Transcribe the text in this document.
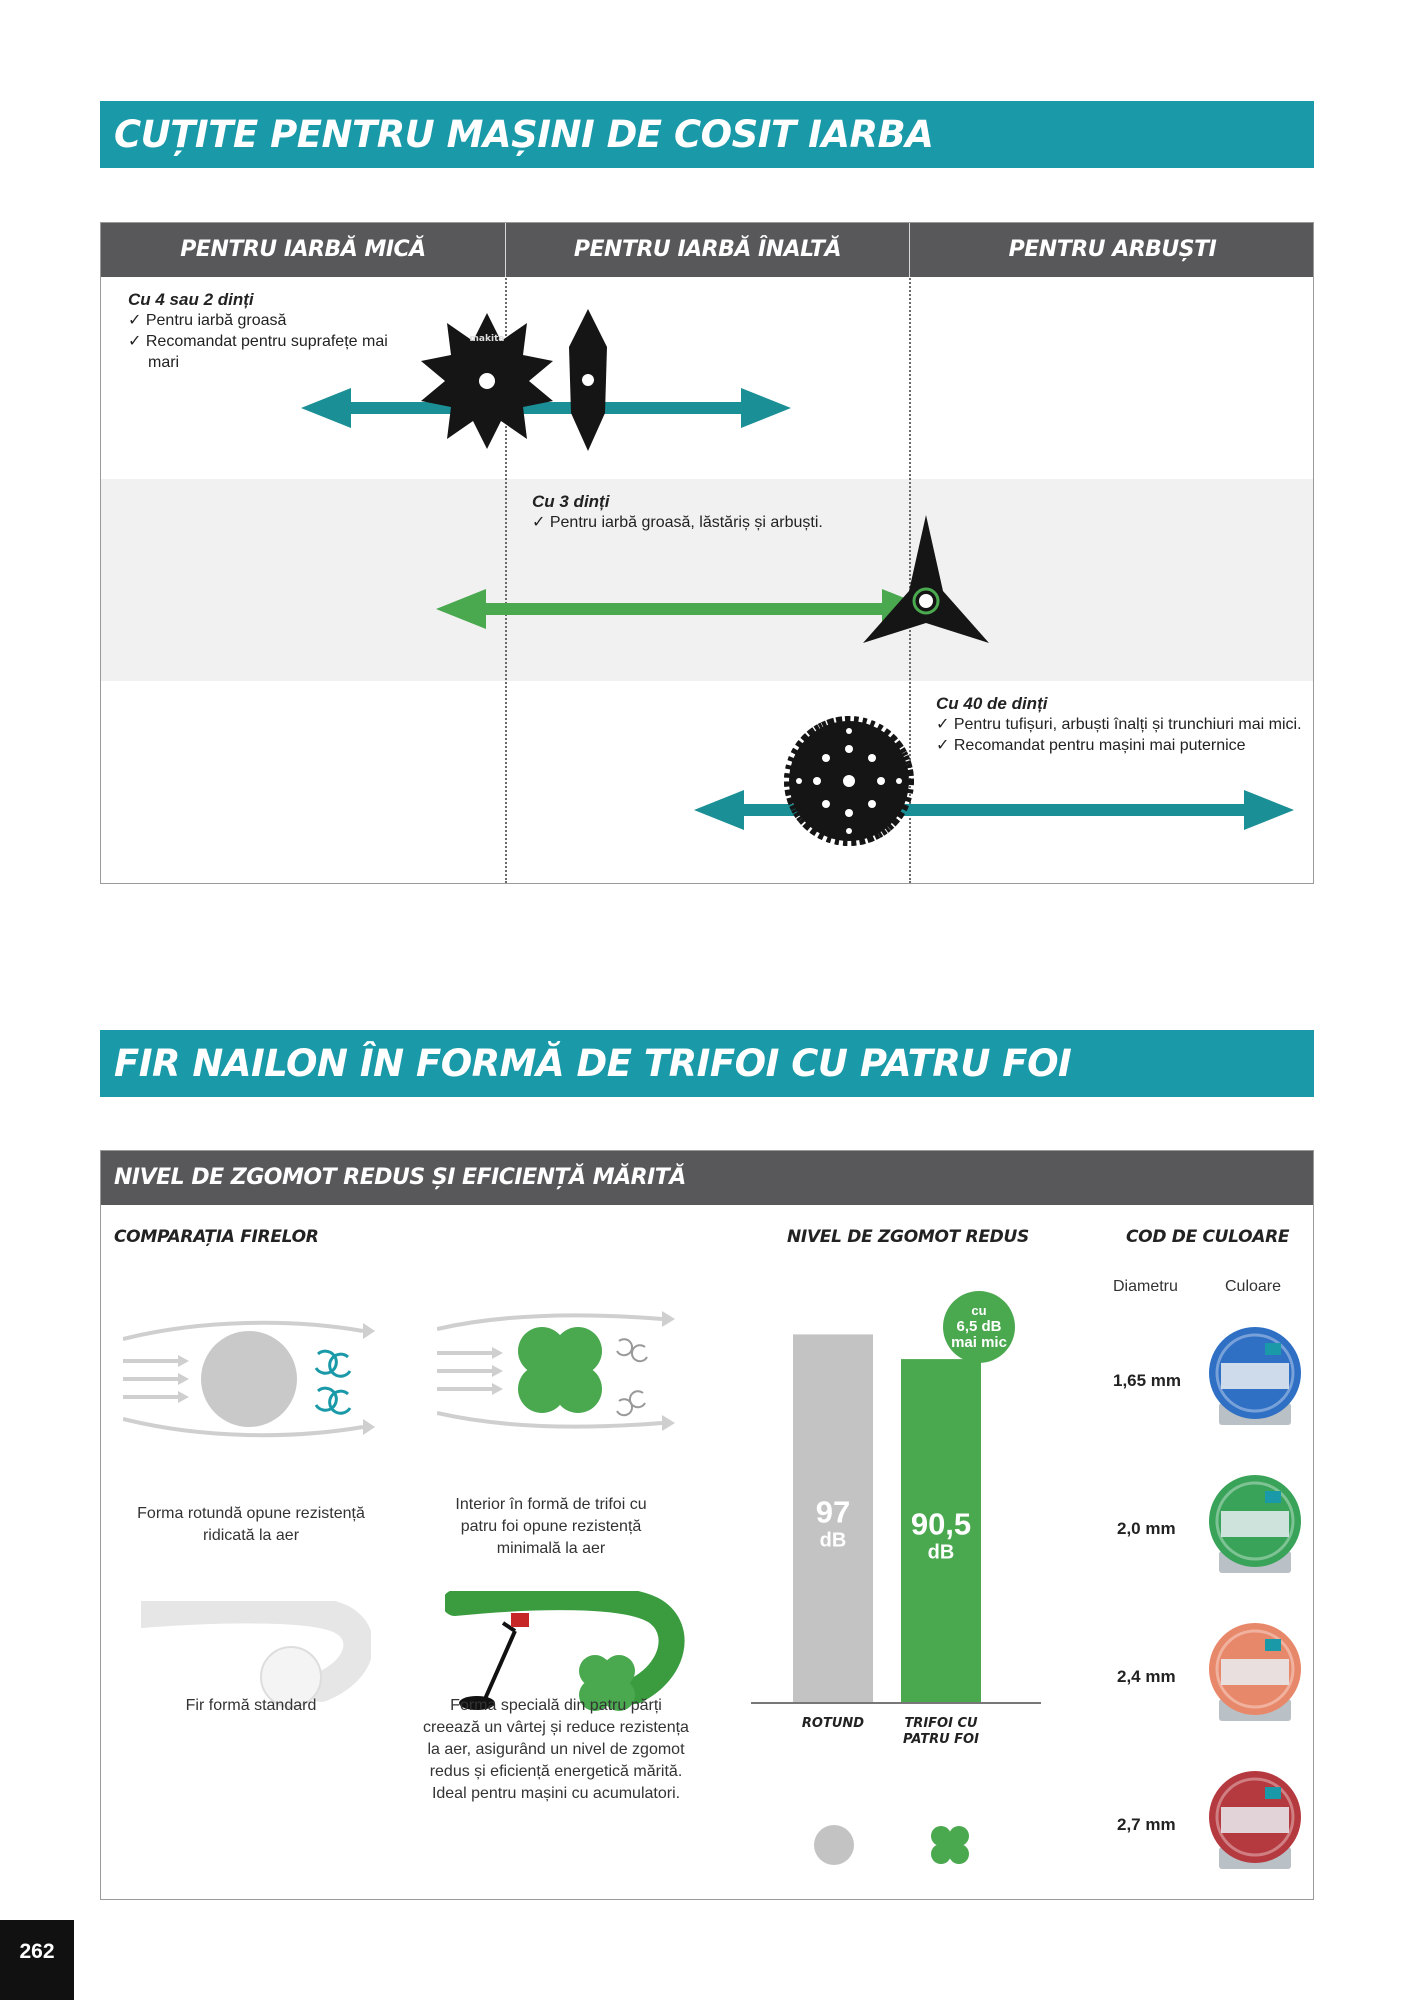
CUȚITE PENTRU MAȘINI DE COSIT IARBA
PENTRU IARBĂ MICĂ	PENTRU IARBĂ ÎNALTĂ	PENTRU ARBUȘTI
Cu 4 sau 2 dinți
✓ Pentru iarbă groasă
✓ Recomandat pentru suprafețe mai mari
makita
Cu 3 dinți
✓ Pentru iarbă groasă, lăstăriș și arbuști.
Cu 40 de dinți
✓ Pentru tufișuri, arbuști înalți și trunchiuri mai mici.
✓ Recomandat pentru mașini mai puternice
FIR NAILON ÎN FORMĂ DE TRIFOI CU PATRU FOI
NIVEL DE ZGOMOT REDUS ȘI EFICIENȚĂ MĂRITĂ
COMPARAȚIA FIRELOR	NIVEL DE ZGOMOT REDUS	COD DE CULOARE
Forma rotundă opune rezistență ridicată la aer
Interior în formă de trifoi cu patru foi opune rezistență minimală la aer
Fir formă standard	Forma specială din patru părți creează un vârtej și reduce rezistența la aer, asigurând un nivel de zgomot redus și eficiență energetică mărită.
Ideal pentru mașini cu acumulatori.
97
dB 90,5
dB
cu
6,5 dB
mai mic
ROTUND	TRIFOI CU
PATRU FOI
Diametru	Culoare
1,65 mm
2,0 mm
2,4 mm
2,7 mm
262
